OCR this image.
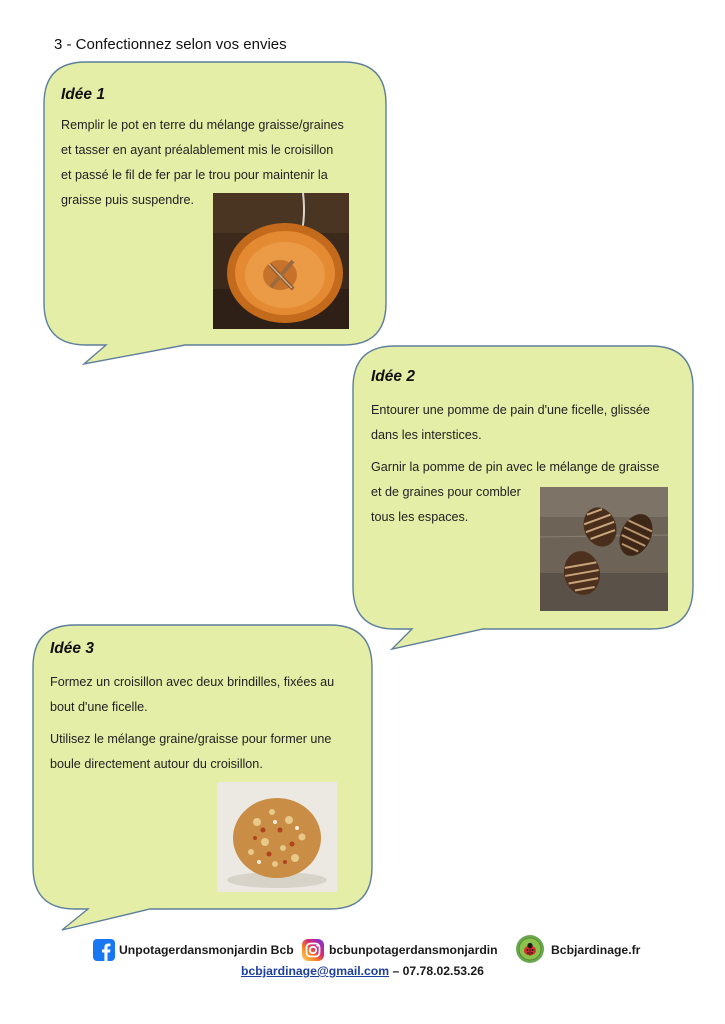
3 - Confectionnez selon vos envies
Idée 1

Remplir le pot en terre du mélange graisse/graines

et tasser en ayant préalablement mis le croisillon

et passé le fil de fer par le trou pour maintenir la

graisse puis suspendre.

Idée 2

Entourer une pomme de pain d'une ficelle, glissée

dans les interstices.

Garnir la pomme de pin avec le mélange de graisse

et de graines pour combler

tous les espaces.

Idée 3

Formez un croisillon avec deux brindilles, fixées au

bout d'une ficelle.

Utilisez le mélange graine/graisse pour former une

boule directement autour du croisillon.

Unpotagerdansmonjardin Bcb	bcbunpotagerdansmonjardin	Bcbjardinage.fr
bcbjardinage@gmail.com – 07.78.02.53.26
